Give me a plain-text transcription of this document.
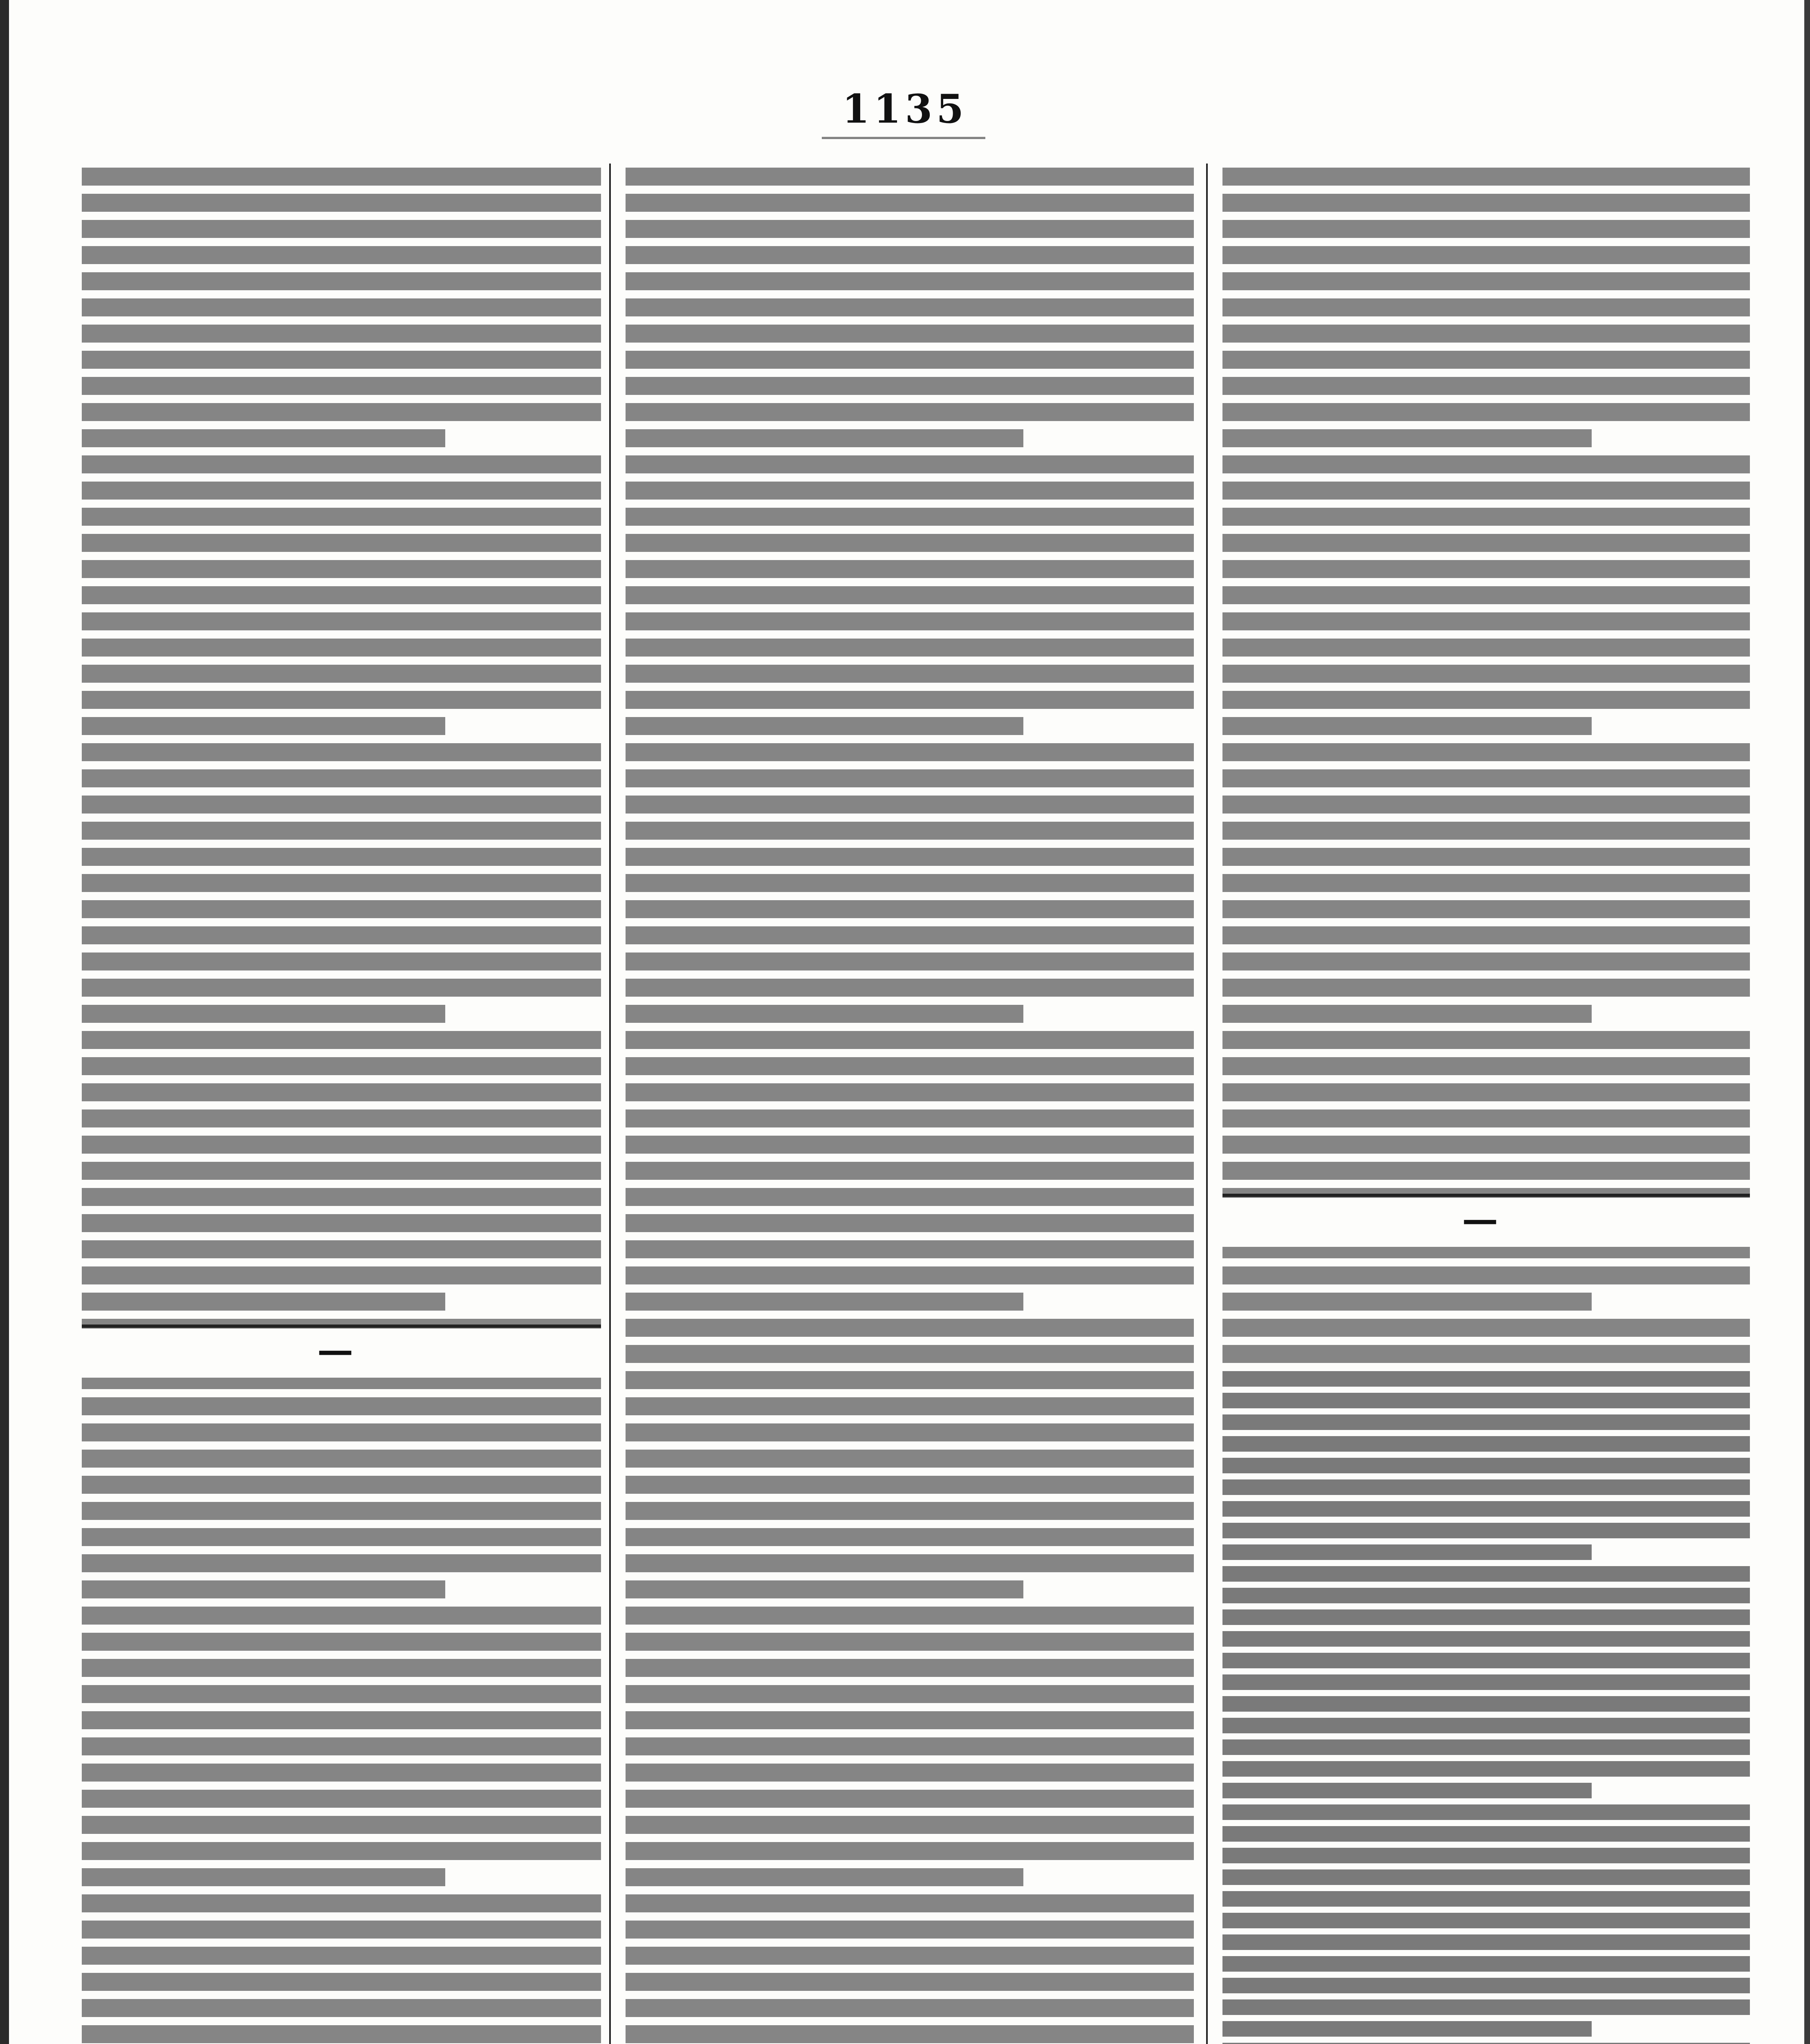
1135
—
—
